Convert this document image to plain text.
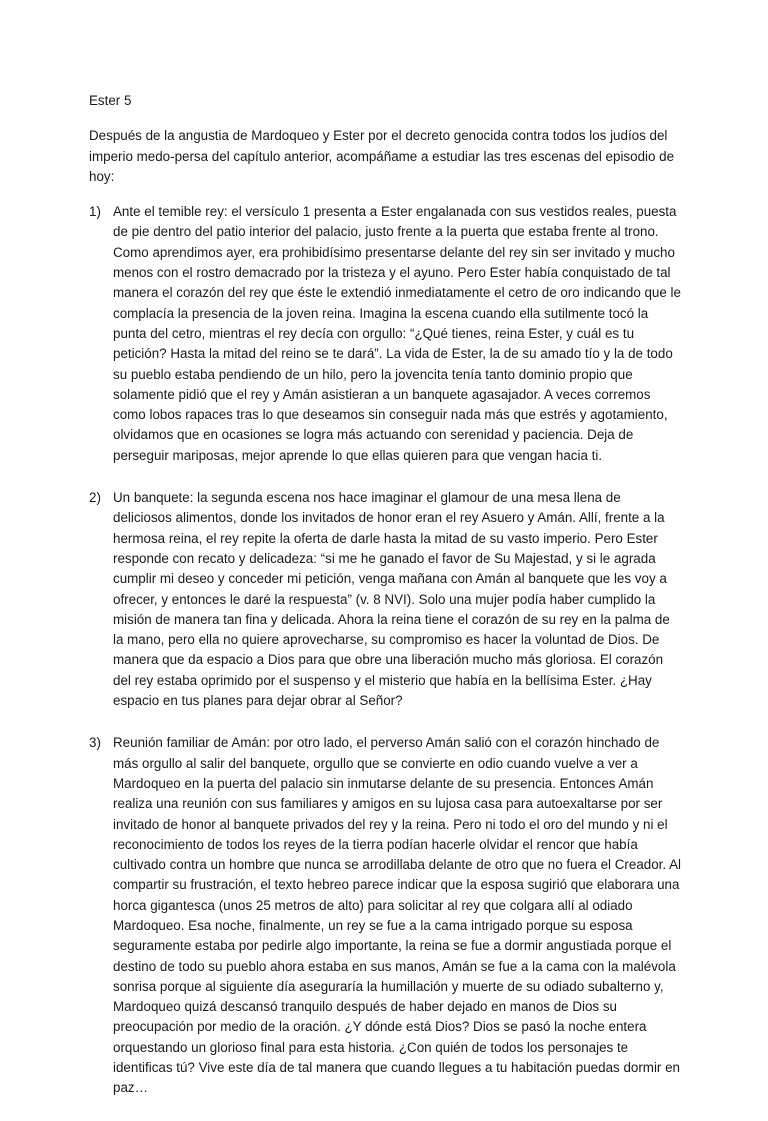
Ester 5

Después de la angustia de Mardoqueo y Ester por el decreto genocida contra todos los judíos del imperio medo-persa del capítulo anterior, acompáñame a estudiar las tres escenas del episodio de hoy:

1) Ante el temible rey: el versículo 1 presenta a Ester engalanada con sus vestidos reales, puesta de pie dentro del patio interior del palacio, justo frente a la puerta que estaba frente al trono. Como aprendimos ayer, era prohibidísimo presentarse delante del rey sin ser invitado y mucho menos con el rostro demacrado por la tristeza y el ayuno. Pero Ester había conquistado de tal manera el corazón del rey que éste le extendió inmediatamente el cetro de oro indicando que le complacía la presencia de la joven reina. Imagina la escena cuando ella sutilmente tocó la punta del cetro, mientras el rey decía con orgullo: “¿Qué tienes, reina Ester, y cuál es tu petición? Hasta la mitad del reino se te dará”. La vida de Ester, la de su amado tío y la de todo su pueblo estaba pendiendo de un hilo, pero la jovencita tenía tanto dominio propio que solamente pidió que el rey y Amán asistieran a un banquete agasajador. A veces corremos como lobos rapaces tras lo que deseamos sin conseguir nada más que estrés y agotamiento, olvidamos que en ocasiones se logra más actuando con serenidad y paciencia. Deja de perseguir mariposas, mejor aprende lo que ellas quieren para que vengan hacia ti.
2) Un banquete: la segunda escena nos hace imaginar el glamour de una mesa llena de deliciosos alimentos, donde los invitados de honor eran el rey Asuero y Amán. Allí, frente a la hermosa reina, el rey repite la oferta de darle hasta la mitad de su vasto imperio. Pero Ester responde con recato y delicadeza: “si me he ganado el favor de Su Majestad, y si le agrada cumplir mi deseo y conceder mi petición, venga mañana con Amán al banquete que les voy a ofrecer, y entonces le daré la respuesta” (v. 8 NVI). Solo una mujer podía haber cumplido la misión de manera tan fina y delicada. Ahora la reina tiene el corazón de su rey en la palma de la mano, pero ella no quiere aprovecharse, su compromiso es hacer la voluntad de Dios. De manera que da espacio a Dios para que obre una liberación mucho más gloriosa. El corazón del rey estaba oprimido por el suspenso y el misterio que había en la bellísima Ester. ¿Hay espacio en tus planes para dejar obrar al Señor?
3) Reunión familiar de Amán: por otro lado, el perverso Amán salió con el corazón hinchado de más orgullo al salir del banquete, orgullo que se convierte en odio cuando vuelve a ver a Mardoqueo en la puerta del palacio sin inmutarse delante de su presencia. Entonces Amán realiza una reunión con sus familiares y amigos en su lujosa casa para autoexaltarse por ser invitado de honor al banquete privados del rey y la reina. Pero ni todo el oro del mundo y ni el reconocimiento de todos los reyes de la tierra podían hacerle olvidar el rencor que había cultivado contra un hombre que nunca se arrodillaba delante de otro que no fuera el Creador. Al compartir su frustración, el texto hebreo parece indicar que la esposa sugirió que elaborara una horca gigantesca (unos 25 metros de alto) para solicitar al rey que colgara allí al odiado Mardoqueo. Esa noche, finalmente, un rey se fue a la cama intrigado porque su esposa seguramente estaba por pedirle algo importante, la reina se fue a dormir angustiada porque el destino de todo su pueblo ahora estaba en sus manos, Amán se fue a la cama con la malévola sonrisa porque al siguiente día aseguraría la humillación y muerte de su odiado subalterno y, Mardoqueo quizá descansó tranquilo después de haber dejado en manos de Dios su preocupación por medio de la oración. ¿Y dónde está Dios? Dios se pasó la noche entera orquestando un glorioso final para esta historia. ¿Con quién de todos los personajes te identificas tú? Vive este día de tal manera que cuando llegues a tu habitación puedas dormir en paz…
